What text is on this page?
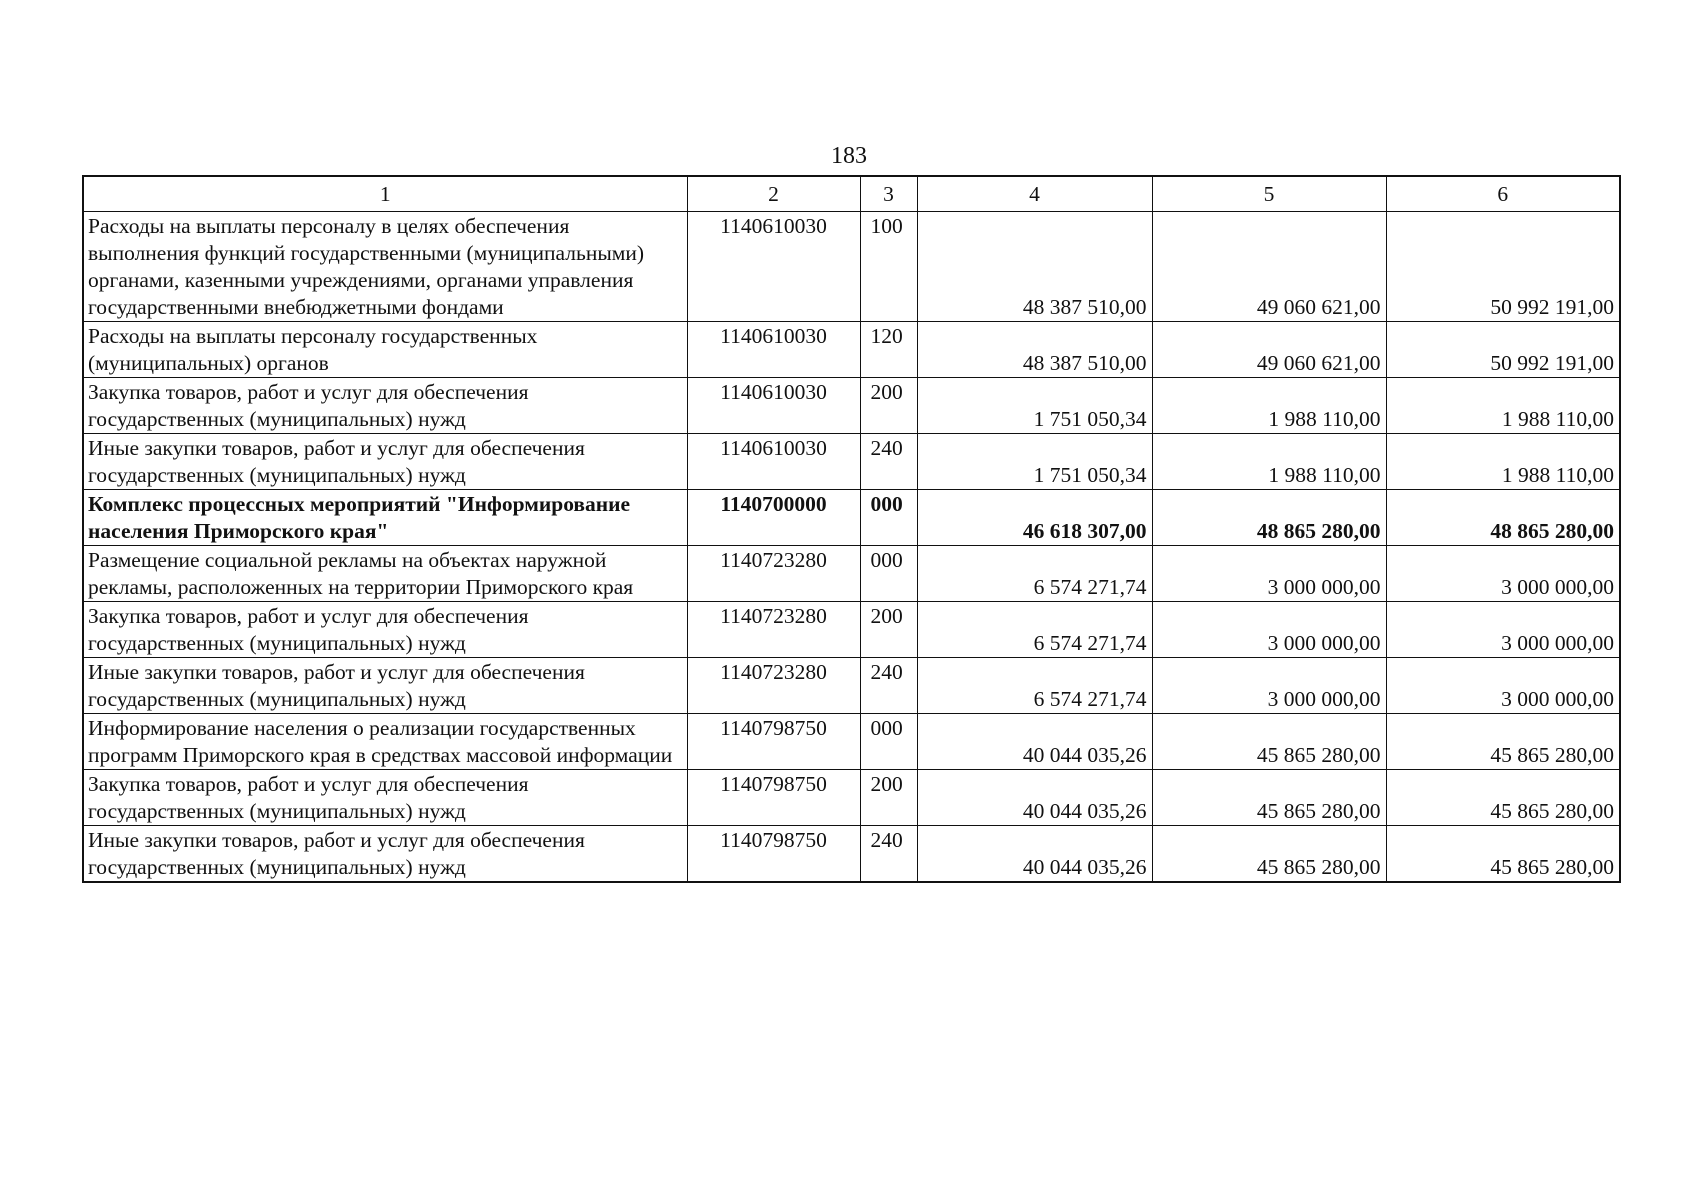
183
1	2	3	4	5	6
Расходы на выплаты персоналу в целях обеспечения выполнения функций государственными (муниципальными) органами, казенными учреждениями, органами управления государственными внебюджетными фондами	1140610030	100	48 387 510,00	49 060 621,00	50 992 191,00
Расходы на выплаты персоналу государственных (муниципальных) органов	1140610030	120	48 387 510,00	49 060 621,00	50 992 191,00
Закупка товаров, работ и услуг для обеспечения государственных (муниципальных) нужд	1140610030	200	1 751 050,34	1 988 110,00	1 988 110,00
Иные закупки товаров, работ и услуг для обеспечения государственных (муниципальных) нужд	1140610030	240	1 751 050,34	1 988 110,00	1 988 110,00
Комплекс процессных мероприятий "Информирование населения Приморского края"	1140700000	000	46 618 307,00	48 865 280,00	48 865 280,00
Размещение социальной рекламы на объектах наружной рекламы, расположенных на территории Приморского края	1140723280	000	6 574 271,74	3 000 000,00	3 000 000,00
Закупка товаров, работ и услуг для обеспечения государственных (муниципальных) нужд	1140723280	200	6 574 271,74	3 000 000,00	3 000 000,00
Иные закупки товаров, работ и услуг для обеспечения государственных (муниципальных) нужд	1140723280	240	6 574 271,74	3 000 000,00	3 000 000,00
Информирование населения о реализации государственных программ Приморского края в средствах массовой информации	1140798750	000	40 044 035,26	45 865 280,00	45 865 280,00
Закупка товаров, работ и услуг для обеспечения государственных (муниципальных) нужд	1140798750	200	40 044 035,26	45 865 280,00	45 865 280,00
Иные закупки товаров, работ и услуг для обеспечения государственных (муниципальных) нужд	1140798750	240	40 044 035,26	45 865 280,00	45 865 280,00
